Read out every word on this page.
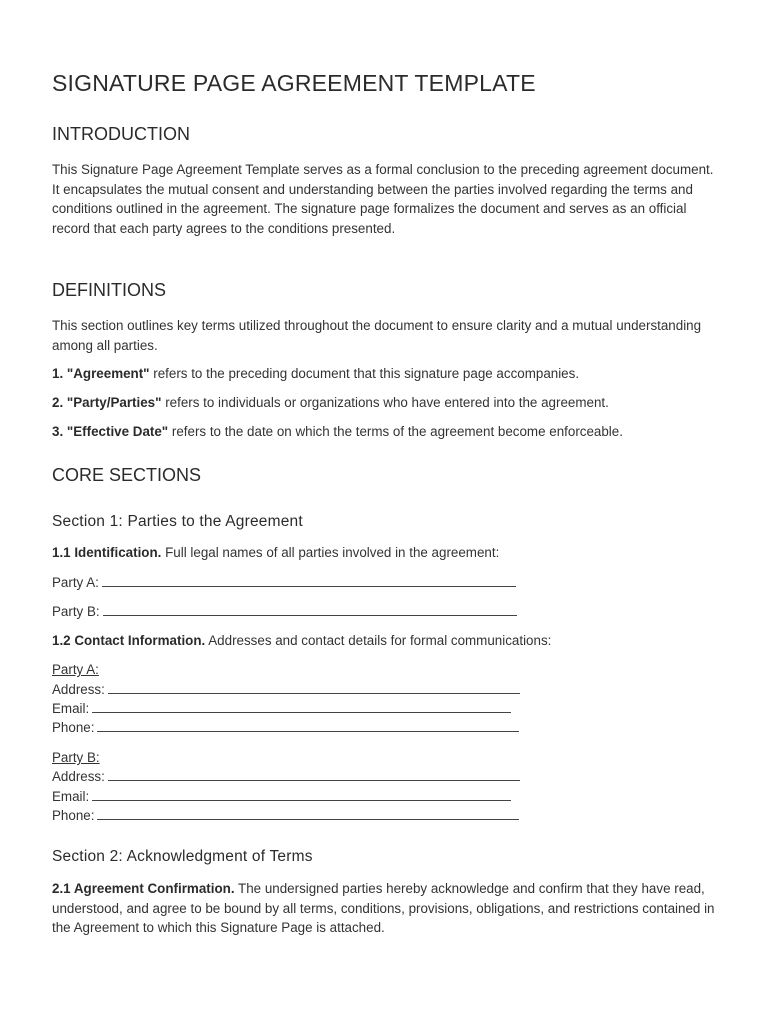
SIGNATURE PAGE AGREEMENT TEMPLATE
INTRODUCTION

This Signature Page Agreement Template serves as a formal conclusion to the preceding agreement document. It encapsulates the mutual consent and understanding between the parties involved regarding the terms and conditions outlined in the agreement. The signature page formalizes the document and serves as an official record that each party agrees to the conditions presented.

DEFINITIONS

This section outlines key terms utilized throughout the document to ensure clarity and a mutual understanding among all parties.

1. "Agreement" refers to the preceding document that this signature page accompanies.

2. "Party/Parties" refers to individuals or organizations who have entered into the agreement.

3. "Effective Date" refers to the date on which the terms of the agreement become enforceable.

CORE SECTIONS
Section 1: Parties to the Agreement

1.1 Identification. Full legal names of all parties involved in the agreement:

Party A:

Party B:

1.2 Contact Information. Addresses and contact details for formal communications:

Party A:

Address:

Email:

Phone:

Party B:

Address:

Email:

Phone:

Section 2: Acknowledgment of Terms

2.1 Agreement Confirmation. The undersigned parties hereby acknowledge and confirm that they have read, understood, and agree to be bound by all terms, conditions, provisions, obligations, and restrictions contained in the Agreement to which this Signature Page is attached.
